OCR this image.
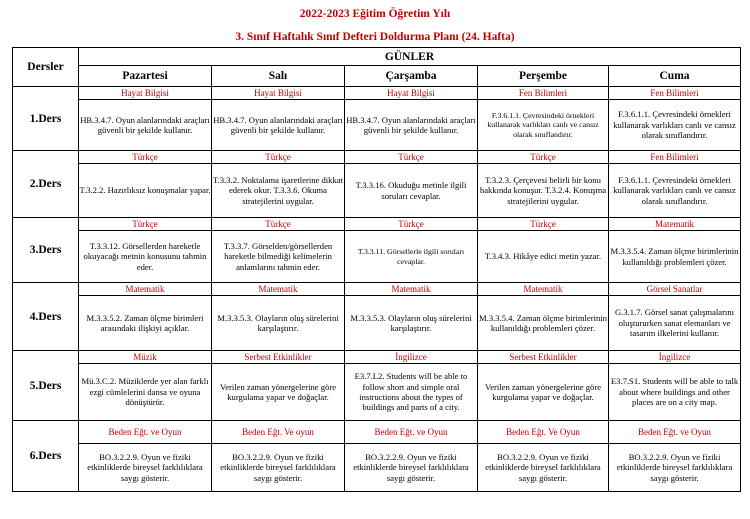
2022-2023 Eğitim Öğretim Yılı
3. Sınıf Haftalık Sınıf Defteri Doldurma Planı (24. Hafta)
Dersler	GÜNLER				
	Pazartesi	Salı	Çarşamba	Perşembe	Cuma
1.Ders	Hayat Bilgisi	Hayat Bilgisi	Hayat Bilgisi	Fen Bilimleri	Fen Bilimleri
	HB.3.4.7. Oyun alanlarındaki araçları güvenli bir şekilde kullanır.	HB.3.4.7. Oyun alanlarındaki araçları güvenli bir şekilde kullanır.	HB.3.4.7. Oyun alanlarındaki araçları güvenli bir şekilde kullanır.	F.3.6.1.1. Çevresindeki örnekleri kullanarak varlıkları canlı ve cansız olarak sınıflandırır.	F.3.6.1.1. Çevresindeki örnekleri kullanarak varlıkları canlı ve cansız olarak sınıflandırır.
2.Ders	Türkçe	Türkçe	Türkçe	Türkçe	Fen Bilimleri
	T.3.2.2. Hazırlıksız konuşmalar yapar.	T.3.3.2. Noktalama işaretlerine dikkat ederek okur. T.3.3.6. Okuma stratejilerini uygular.	T.3.3.16. Okuduğu metinle ilgili soruları cevaplar.	T.3.2.3. Çerçevesi belirli bir konu hakkında konuşur. T.3.2.4. Konuşma stratejilerini uygular.	F.3.6.1.1. Çevresindeki örnekleri kullanarak varlıkları canlı ve cansız olarak sınıflandırır.
3.Ders	Türkçe	Türkçe	Türkçe	Türkçe	Matematik
	T.3.3.12. Görsellerden hareketle okuyacağı metnin konusunu tahmin eder.	T.3.3.7. Görselden/görsellerden hareketle bilmediği kelimelerin anlamlarını tahmin eder.	T.3.3.11. Görsellerle ilgili soruları cevaplar.	T.3.4.3. Hikâye edici metin yazar.	M.3.3.5.4. Zaman ölçme birimlerinin kullanıldığı problemleri çözer.
4.Ders	Matematik	Matematik	Matematik	Matematik	Görsel Sanatlar
	M.3.3.5.2. Zaman ölçme birimleri arasındaki ilişkiyi açıklar.	M.3.3.5.3. Olayların oluş sürelerini karşılaştırır.	M.3.3.5.3. Olayların oluş sürelerini karşılaştırır.	M.3.3.5.4. Zaman ölçme birimlerinin kullanıldığı problemleri çözer.	G.3.1.7. Görsel sanat çalışmalarını oluştururken sanat elemanları ve tasarım ilkelerini kullanır.
5.Ders	Müzik	Serbest Etkinlikler	İngilizce	Serbest Etkinlikler	İngilizce
	Mü.3.C.2. Müziklerde yer alan farklı ezgi cümlelerini dansa ve oyuna dönüştürür.	Verilen zaman yönergelerine göre kurgulama yapar ve doğaçlar.	E3.7.L2. Students will be able to follow short and simple oral instructions about the types of buildings and parts of a city.	Verilen zaman yönergelerine göre kurgulama yapar ve doğaçlar.	E3.7.S1. Students will be able to talk about where buildings and other places are on a city map.
6.Ders	Beden Eğt. ve Oyun	Beden Eğt. Ve oyun	Beden Eğt. ve Oyun	Beden Eğt. Ve Oyun	Beden Eğt. ve Oyun
	BO.3.2.2.9. Oyun ve fiziki etkinliklerde bireysel farklılıklara saygı gösterir.	BO.3.2.2.9. Oyun ve fiziki etkinliklerde bireysel farklılıklara saygı gösterir.	BO.3.2.2.9. Oyun ve fiziki etkinliklerde bireysel farklılıklara saygı gösterir.	BO.3.2.2.9. Oyun ve fiziki etkinliklerde bireysel farklılıklara saygı gösterir.	BO.3.2.2.9. Oyun ve fiziki etkinliklerde bireysel farklılıklara saygı gösterir.
